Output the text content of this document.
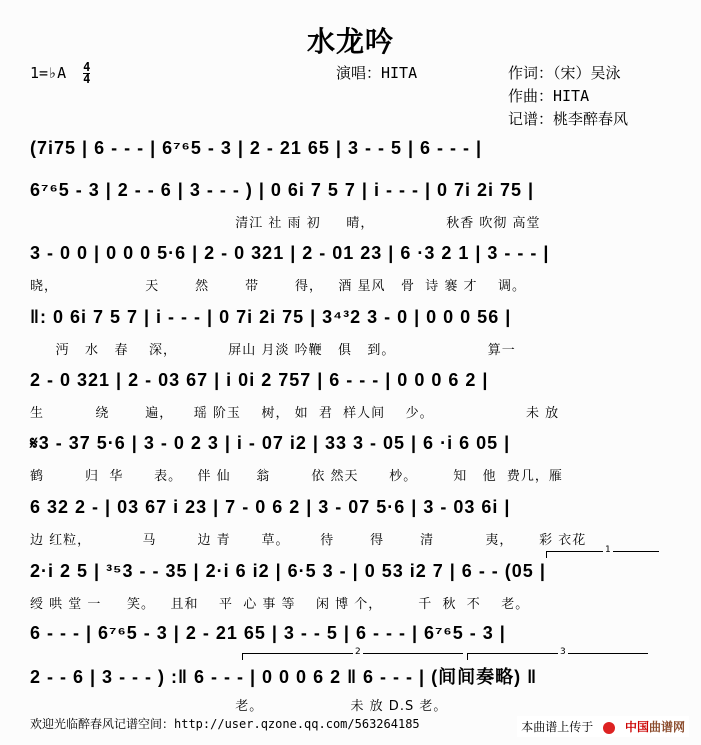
水龙吟
1=♭A $\frac{4}{4}$	演唱：HITA	作词：（宋）吴泳
作曲：HITA
记谱：桃李醉春风
(7i75 | 6 - - - | 6⁷⁶5 - 3 | 2 - 21 65 | 3 - - 5 | 6 - - - |
6⁷⁶5 - 3 | 2 - - 6 | 3 - - - ) | 0 6i 7 5 7 | i - - - | 0 7i 2i 75 |
清江 社 雨 初     晴，              秋香 吹彻 高堂
3 - 0 0 | 0 0 0 5·6 | 2 - 0 321 | 2 - 01 23 | 6 ·3 2 1 | 3 - - - |
晓，                 天       然       带       得，   酒 星风   骨  诗 褰 才    调。
‖: 0 6i 7 5 7 | i - - - | 0 7i 2i 75 | 3⁴³2 3 - 0 | 0 0 0 56 |
沔   水   春    深，          屏山 月淡 吟鞭   俱   到。                  算一
2 - 0 321 | 2 - 03 67 | i 0i 2 757 | 6 - - - | 0 0 0 6 2 |
生          绕       遍，    瑶 阶玉    树， 如  君  样人间    少。                  未 放
𝄋3 - 37 5·6 | 3 - 0 2 3 | i - 07 i2 | 33 3 - 05 | 6 ·i 6 05 |
鹤        归  华      表。   伴 仙     翁        依 然天      杪。       知   他  费几，雁
6 32 2 - | 03 67 i 23 | 7 - 0 6 2 | 3 - 07 5·6 | 3 - 03 6i |
边 红粒，          马        边 青      草。      待       得       清          夷，     彩 衣花
2·i 2 5 | ³⁵3 - - 35 | 2·i 6 i2 | 6·5 3 - | 0 53 i2 7 | 6 - - (05 |
绶 哄 堂 一     笑。   且和    平  心 事 等    闲 博 个，       千  秋  不    老。
6 - - - | 6⁷⁶5 - 3 | 2 - 21 65 | 3 - - 5 | 6 - - - | 6⁷⁶5 - 3 |
2 - - 6 | 3 - - - ) :‖ 6 - - - | 0 0 0 6 2 ‖ 6 - - - | (间间奏略) ‖
老。                 未 放 D.S 老。
1
2	3
欢迎光临醉春风记谱空间：http://user.qzone.qq.com/563264185	本曲谱上传于	中国曲谱网
